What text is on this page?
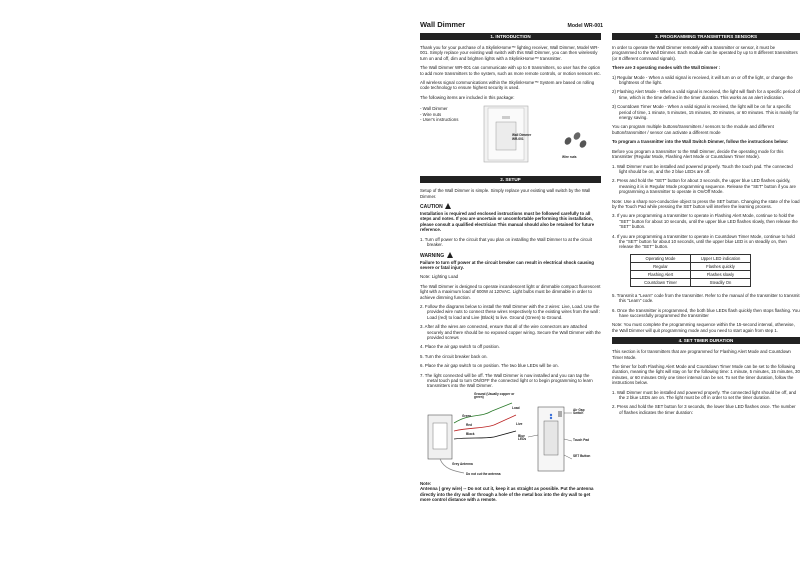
Wall Dimmer	Model WR-001
1. INTRODUCTION

Thank you for your purchase of a SkylinkHome™ lighting receiver, Wall Dimmer, Model WR-001. Simply replace your existing wall switch with this Wall Dimmer, you can then wirelessly turn on and off, dim and brighten lights with a SkylinkHome™ transmitter.

The Wall Dimmer WR-001 can communicate with up to 8 transmitters, so user has the option to add more transmitters to the system, such as more remote controls, or motion sensors etc.

All wireless signal communications within the SkylinkHome™ System are based on rolling code technology to ensure highest security is used.

The following items are included in this package:

- Wall Dimmer
- Wire nuts
- User's instructions
Wall Dimmer WR-001
Wire nuts
2. SETUP

Setup of the Wall Dimmer is simple. Simply replace your existing wall switch by the Wall Dimmer.

CAUTION

Installation is required and enclosed instructions must be followed carefully to all steps and notes. If you are uncertain or uncomfortable performing this installation, please consult a qualified electrician This manual should also be retained for future reference.

1. Turn off power to the circuit that you plan on installing the Wall Dimmer to at the circuit breaker.

WARNING

Failure to turn off power at the circuit breaker can result in electrical shock causing severe or fatal injury.

Note: Lighting Load

The Wall Dimmer is designed to operate incandescent light or dimmable compact fluorescent light with a maximum load of 600W at 120VAC. Light bulbs must be dimmable in order to achieve dimming function.

2. Follow the diagrams below to install the Wall Dimmer with the 2 wires: Live, Load. Use the provided wire nuts to connect these wires respectively to the existing wires from the wall : Load (red) to load and Live (Black) to live. Ground (Green) to Ground.

3. After all the wires are connected, ensure that all of the wire connectors are attached securely and there should be no exposed copper wiring. Secure the Wall Dimmer with the provided screws

4. Place the air gap switch to off position.

5. Turn the circuit breaker back on.

6. Place the air gap switch to on position. The two blue LEDs will be on.

7. The light connected will be off. The Wall Dimmer is now installed and you can tap the metal touch pad to turn ON/OFF the connected light or to begin programming to learn transmitters into the Wall Dimmer.

Ground (Usually copper or green)
Green
Red
Black
Load
Live
Air Gap Switch
Blue LEDs	Touch Pad
SET Button
Grey Antenna
Do not cut the antenna

Note:

Antenna ( grey wire) -- Do not cut it, keep it as straight as possible. Put the antenna directly into the dry wall or through a hole of the metal box into the dry wall to get more control distance with a remote.

3. PROGRAMMING TRANSMITTERS SENSORS

In order to operate the Wall Dimmer remotely with a transmitter or sensor, it must be programmed to the Wall Dimmer. Each module can be operated by up to 8 different transmitters (or 8 different command signals).

There are 3 operating modes with the Wall Dimmer :

1) Regular Mode - When a valid signal is received, it will turn on or off the light, or change the brightness of the light.

2) Flashing Alert Mode - When a valid signal is received, the light will flash for a specific period of time, which is the time defined in the timer duration. This works as an alert indication.

3) Countdown Timer Mode - When a valid signal is received, the light will be on for a specific period of time, 1 minute, 5 minutes, 15 minutes, 30 minutes, or 60 minutes. This is mainly for energy saving.

You can program multiple buttons/transmitters / sensors to the module and different button/transmitter / sensor can activate a different mode

To program a transmitter into the Wall Switch Dimmer, follow the instructions below:

Before you program a transmitter to the Wall Dimmer, decide the operating mode for this transmitter (Regular Mode, Flashing Alert Mode or Countdown Timer Mode).

1. Wall Dimmer must be installed and powered properly. Touch the touch pad. The connected light should be on, and the 2 blue LEDs are off.

2. Press and hold the "SET" button for about 3 seconds, the upper blue LED flashes quickly, meaning it is in Regular Mode programming sequence. Release the "SET" button if you are programming a transmitter to operate in On/Off Mode.

Note: Use a sharp non-conductive object to press the SET button. Changing the state of the load by the Touch Pad while pressing the SET button will interfere the learning process.

3. If you are programming a transmitter to operate in Flashing Alert Mode, continue to hold the "SET" button for about 10 seconds, until the upper blue LED flashes slowly, then release the "SET" button.

4. If you are programming a transmitter to operate in Countdown Timer Mode, continue to hold the "SET" button for about 10 seconds, until the upper blue LED is on steadily on, then release the "SET" button.

Operating Mode	Upper LED indication
Regular	Flashes quickly
Flashing Alert	Flashes slowly
Countdown Timer	Steadily On

5. Transmit a "Learn" code from the transmitter. Refer to the manual of the transmitter to transmit this "Learn" code.

6. Once the transmitter is programmed, the both blue LEDs flash quickly then stops flashing. You have successfully programmed the transmitter

Note: You must complete the programming sequence within the 15-second interval, otherwise, the Wall Dimmer will quit programming mode and you need to start again from step 1.

4. SET TIMER DURATION

This section is for transmitters that are programmed for Flashing Alert Mode and Countdown Timer Mode.

The timer for both Flashing Alert Mode and Countdown Timer Mode can be set to the following duration, meaning the light will stay on for the following time: 1 minute, 5 minutes, 15 minutes, 30 minutes, or 60 minutes Only one timer interval can be set. To set the timer duration, follow the instructions below.

1. Wall Dimmer must be installed and powered properly. The connected light should be off, and the 2 blue LEDs are on. The light must be off in order to set the timer duration.

2. Press and hold the SET button for 3 seconds, the lower blue LED flashes once. The number of flashes indicates the timer duration:
